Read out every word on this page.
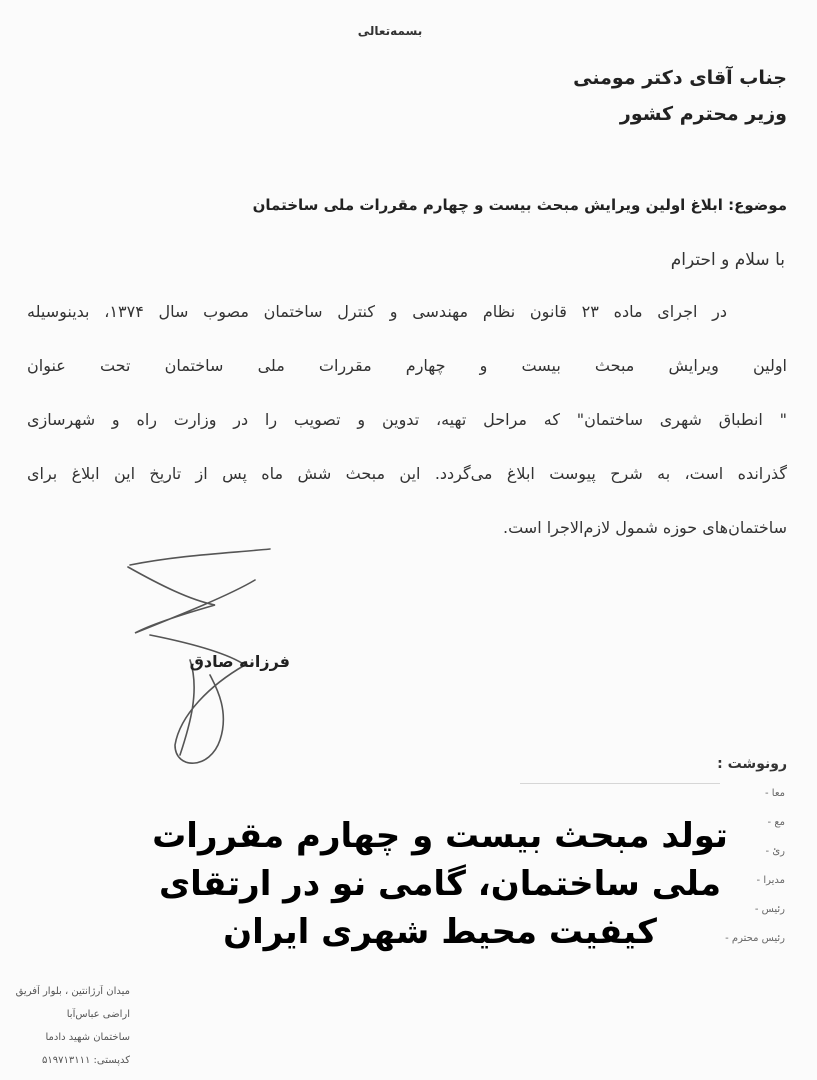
بسمه‌تعالی
جناب آقای دکتر مومنی
وزیر محترم کشور
موضوع: ابلاغ اولین ویرایش مبحث بیست و چهارم مقررات ملی ساختمان
با سلام و احترام
در اجرای ماده ۲۳ قانون نظام مهندسی و کنترل ساختمان مصوب سال ۱۳۷۴، بدینوسیله
اولین ویرایش مبحث بیست و چهارم مقررات ملی ساختمان تحت عنوان
" انطباق شهری ساختمان" که مراحل تهیه، تدوین و تصویب را در وزارت راه و شهرسازی
گذرانده است، به شرح پیوست ابلاغ می‌گردد. این مبحث شش ماه پس از تاریخ این ابلاغ برای
ساختمان‌های حوزه شمول لازم‌الاجرا است.
فرزانه صادق
رونوشت :
معا -
مع -
رئ -
مدیرا -
رئیس -
رئیس محترم -
تولد مبحث بیست و چهارم مقررات
ملی ساختمان، گامی نو در ارتقای
کیفیت محیط شهری ایران
میدان آرژانتین ، بلوار آفریق
اراضی عباس‌آبا
ساختمان شهید دادما
کدپستی: ۵۱۹۷۱۳۱۱۱
